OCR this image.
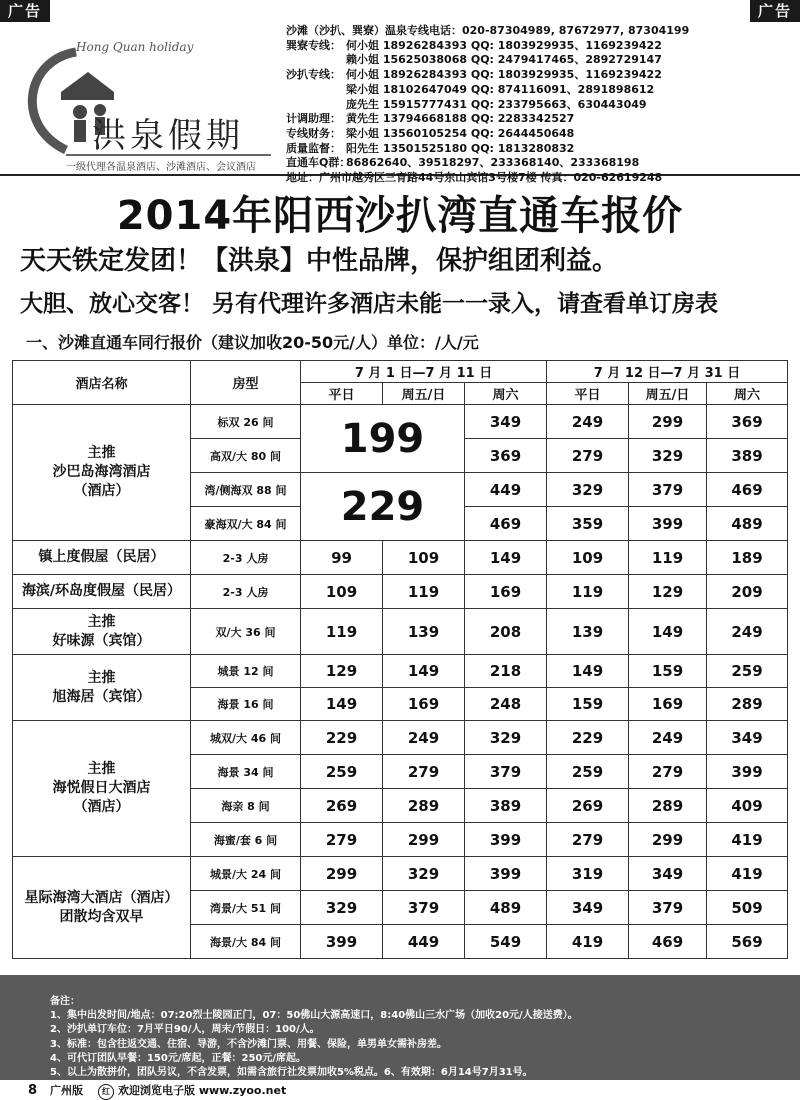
广告	广告
Hong Quan holiday
洪泉假期
一级代理各温泉酒店、沙滩酒店、会议酒店
沙滩（沙扒、巽寮）温泉专线电话：020-87304989, 87672977, 87304199
巽寮专线： 何小姐 18926284393 QQ: 1803929935、1169239422
赖小姐 15625038068 QQ: 2479417465、2892729147
沙扒专线： 何小姐 18926284393 QQ: 1803929935、1169239422
梁小姐 18102647049 QQ: 874116091、2891898612
庞先生 15915777431 QQ: 233795663、630443049
计调助理： 黄先生 13794668188 QQ: 2283342527
专线财务： 梁小姐 13560105254 QQ: 2644450648
质量监督： 阳先生 13501525180 QQ: 1813280832
直通车Q群：86862640、39518297、233368140、233368198
地址：广州市越秀区三育路44号东山宾馆3号楼7楼 传真：020-62619248
2014年阳西沙扒湾直通车报价
天天铁定发团！【洪泉】中性品牌，保护组团利益。
大胆、放心交客！ 另有代理许多酒店未能一一录入，请查看单订房表
一、沙滩直通车同行报价（建议加收20-50元/人）单位：/人/元
酒店名称	房型	7 月 1 日—7 月 11 日			7 月 12 日—7 月 31 日		
		平日	周五/日	周六	平日	周五/日	周六
主推
沙巴岛海湾酒店
（酒店）	标双 26 间	199		349	249	299	369
	高双/大 80 间			369	279	329	389
	湾/侧海双 88 间	229		449	329	379	469
	豪海双/大 84 间			469	359	399	489
镇上度假屋（民居）	2-3 人房	99	109	149	109	119	189
海滨/环岛度假屋（民居）	2-3 人房	109	119	169	119	129	209
主推
好味源（宾馆）	双/大 36 间	119	139	208	139	149	249
主推
旭海居（宾馆）	城景 12 间	129	149	218	149	159	259
	海景 16 间	149	169	248	159	169	289
主推
海悦假日大酒店
（酒店）	城双/大 46 间	229	249	329	229	249	349
	海景 34 间	259	279	379	259	279	399
	海亲 8 间	269	289	389	269	289	409
	海蜜/套 6 间	279	299	399	279	299	419
星际海湾大酒店（酒店）
团散均含双早	城景/大 24 间	299	329	399	319	349	419
	湾景/大 51 间	329	379	489	349	379	509
	海景/大 84 间	399	449	549	419	469	569
备注：
1、集中出发时间/地点：07:20烈士陵园正门，07：50佛山大源高速口，8:40佛山三水广场（加收20元/人接送费）。
2、沙扒单订车位：7月平日90/人，周末/节假日：100/人。
3、标准：包含往返交通、住宿、导游，不含沙滩门票、用餐、保险，单男单女需补房差。
4、可代订团队早餐：150元/席起，正餐：250元/席起。
5、以上为散拼价，团队另议，不含发票，如需含旅行社发票加收5%税点。6、有效期：6月14号7月31号。
8 广州版	红 欢迎浏览电子版 www.zyoo.net
